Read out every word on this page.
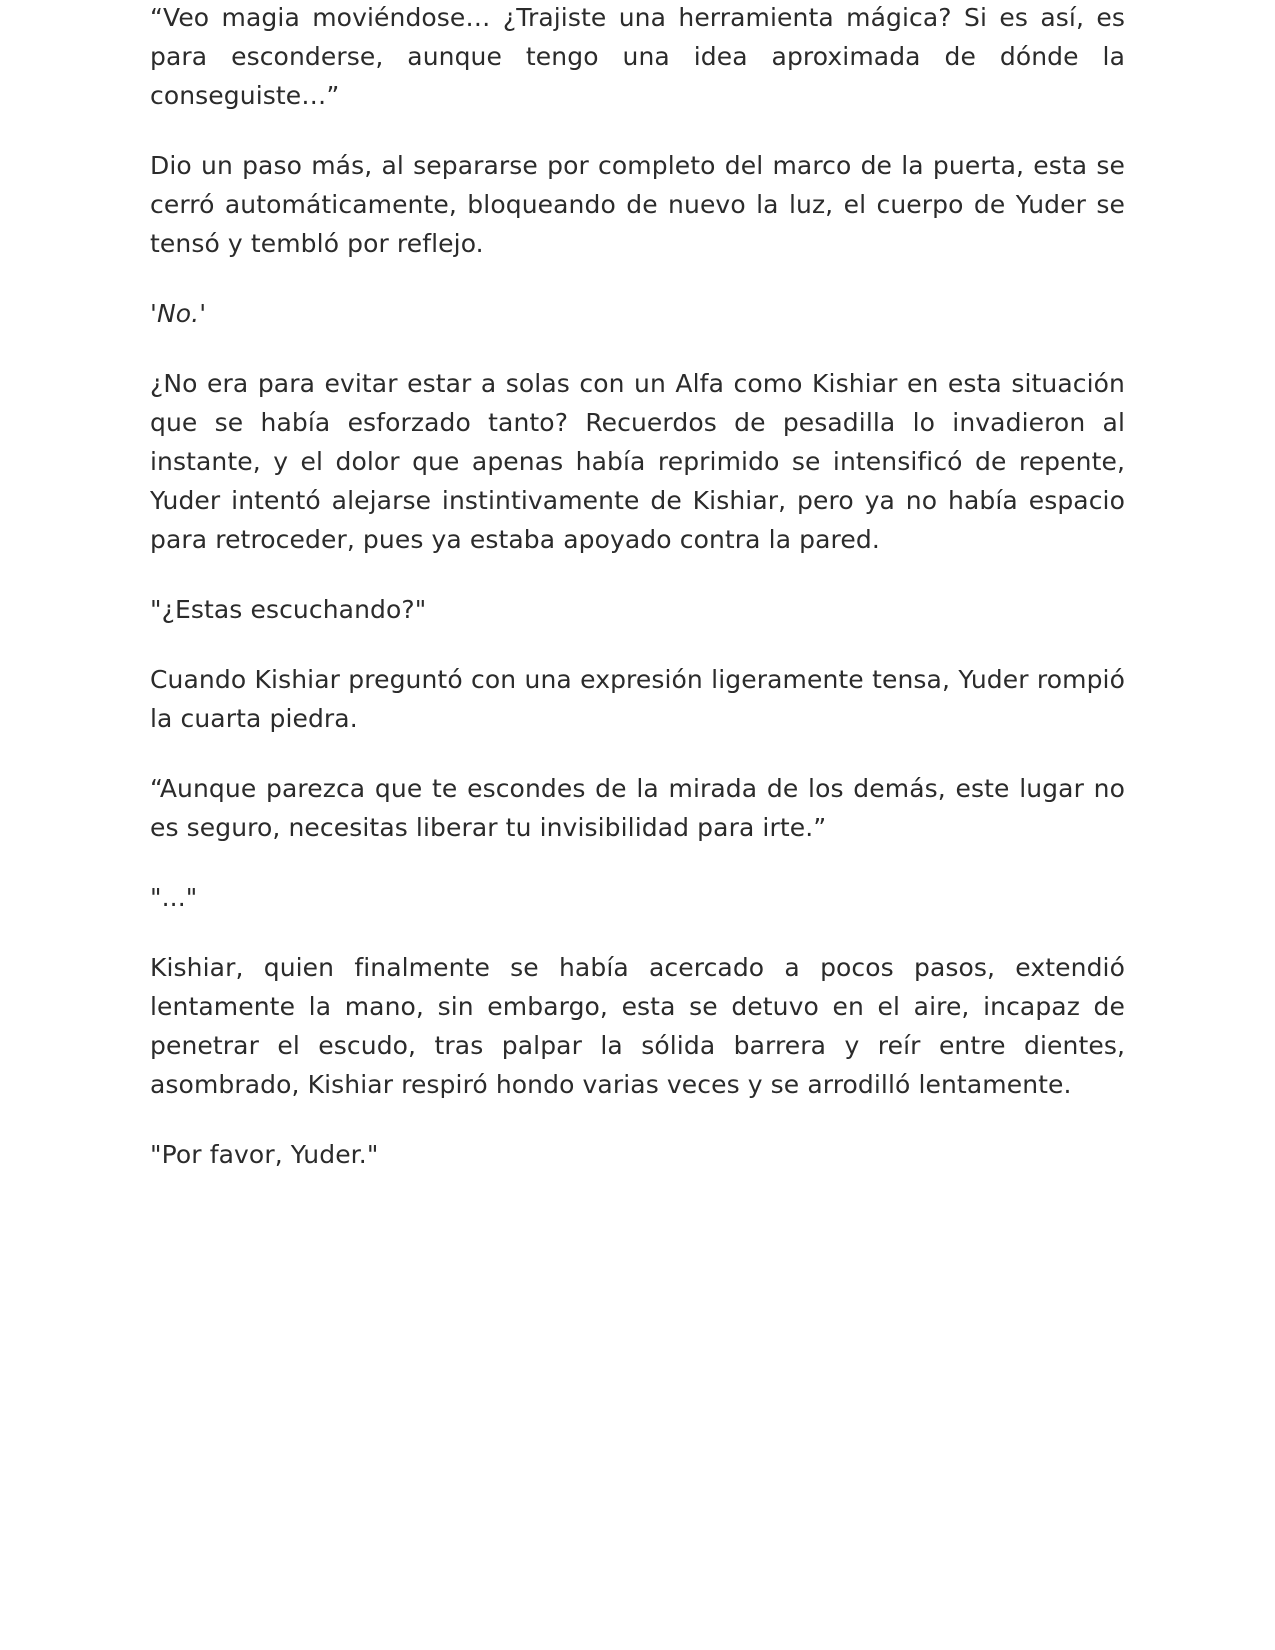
“Veo magia moviéndose… ¿Trajiste una herramienta mágica? Si es así, es para esconderse, aunque tengo una idea aproximada de dónde la conseguiste…”

Dio un paso más, al separarse por completo del marco de la puerta, esta se cerró automáticamente, bloqueando de nuevo la luz, el cuerpo de Yuder se tensó y tembló por reflejo.

'No.'

¿No era para evitar estar a solas con un Alfa como Kishiar en esta situación que se había esforzado tanto? Recuerdos de pesadilla lo invadieron al instante, y el dolor que apenas había reprimido se intensificó de repente, Yuder intentó alejarse instintivamente de Kishiar, pero ya no había espacio para retroceder, pues ya estaba apoyado contra la pared.

"¿Estas escuchando?"

Cuando Kishiar preguntó con una expresión ligeramente tensa, Yuder rompió la cuarta piedra.

“Aunque parezca que te escondes de la mirada de los demás, este lugar no es seguro, necesitas liberar tu invisibilidad para irte.”

"..."

Kishiar, quien finalmente se había acercado a pocos pasos, extendió lentamente la mano, sin embargo, esta se detuvo en el aire, incapaz de penetrar el escudo, tras palpar la sólida barrera y reír entre dientes, asombrado, Kishiar respiró hondo varias veces y se arrodilló lentamente.

"Por favor, Yuder."
